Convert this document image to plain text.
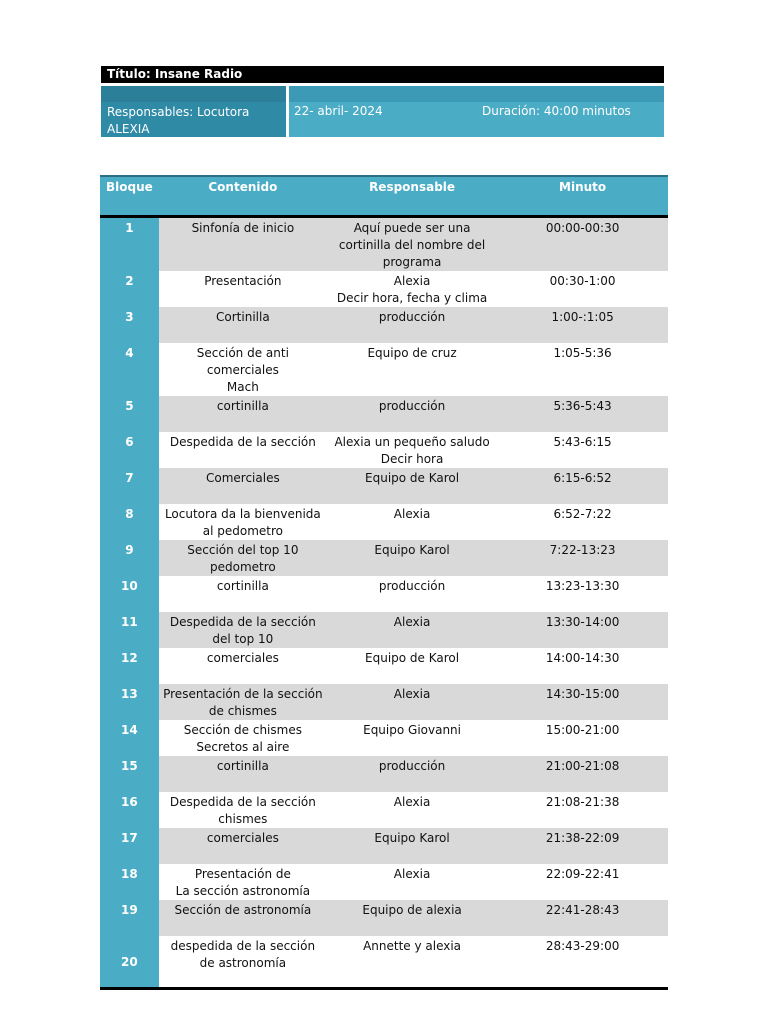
Título: Insane Radio
Responsables: Locutora
ALEXIA
22- abril- 2024	Duración: 40:00 minutos
Bloque	Contenido	Responsable	Minuto
1	Sinfonía de inicio	Aquí puede ser una
cortinilla del nombre del
programa	00:00-00:30
2	Presentación	Alexia
Decir hora, fecha y clima	00:30-1:00
3	Cortinilla	producción	1:00-:1:05
4	Sección de anti
comerciales
Mach	Equipo de cruz	1:05-5:36
5	cortinilla	producción	5:36-5:43
6	Despedida de la sección	Alexia un pequeño saludo
Decir hora	5:43-6:15
7	Comerciales	Equipo de Karol	6:15-6:52
8	Locutora da la bienvenida
al pedometro	Alexia	6:52-7:22
9	Sección del top 10
pedometro	Equipo Karol	7:22-13:23
10	cortinilla	producción	13:23-13:30
11	Despedida de la sección
del top 10	Alexia	13:30-14:00
12	comerciales	Equipo de Karol	14:00-14:30
13	Presentación de la sección
de chismes	Alexia	14:30-15:00
14	Sección de chismes
Secretos al aire	Equipo Giovanni	15:00-21:00
15	cortinilla	producción	21:00-21:08
16	Despedida de la sección
chismes	Alexia	21:08-21:38
17	comerciales	Equipo Karol	21:38-22:09
18	Presentación de
La sección astronomía	Alexia	22:09-22:41
19	Sección de astronomía	Equipo de alexia	22:41-28:43
20	despedida de la sección
de astronomía	Annette y alexia	28:43-29:00
